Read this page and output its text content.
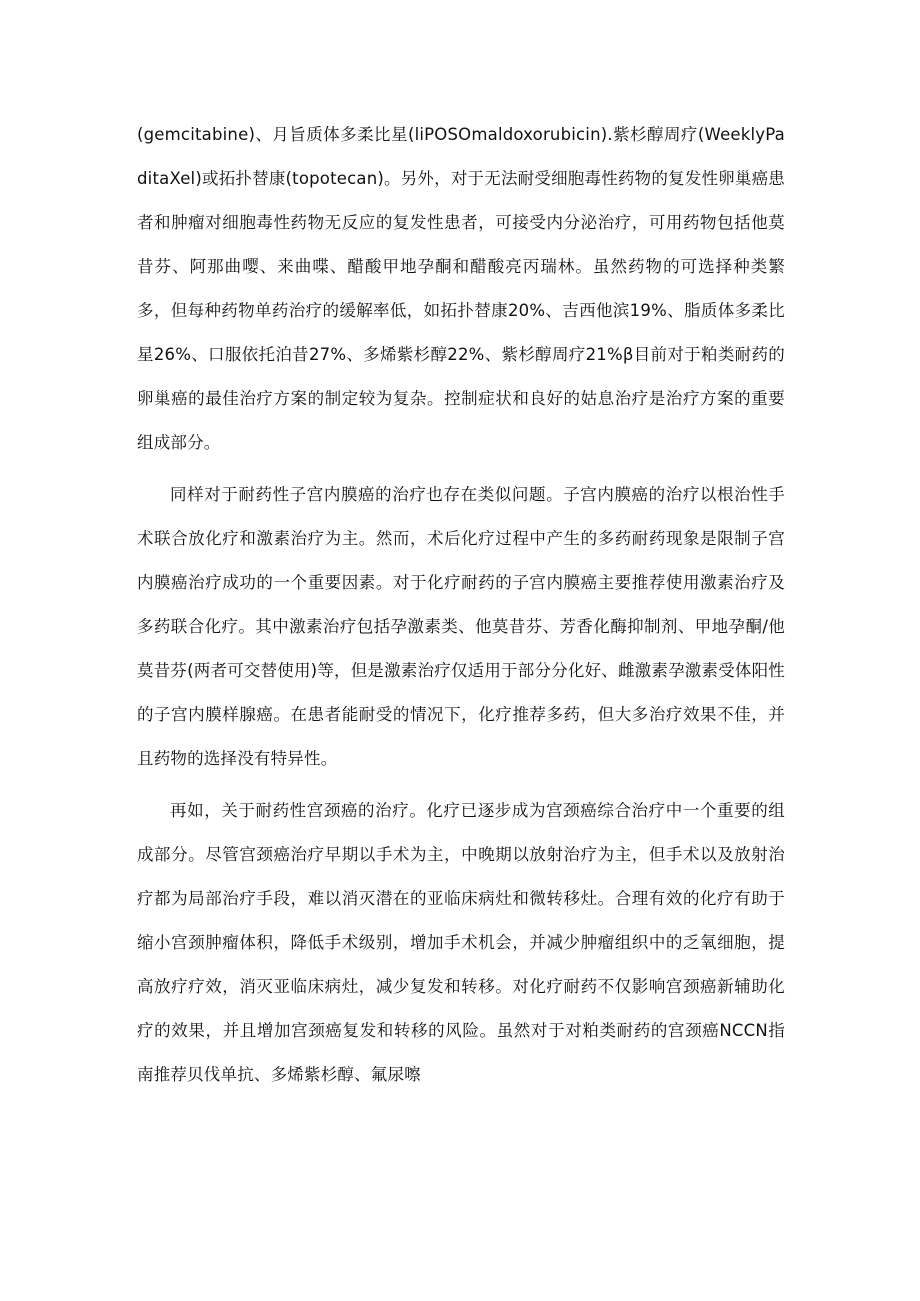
(gemcitabine)、月旨质体多柔比星(liPOSOmaldoxorubicin).紫杉醇周疗(WeeklyPaditaXel)或拓扑替康(topotecan)。另外，对于无法耐受细胞毒性药物的复发性卵巢癌患者和肿瘤对细胞毒性药物无反应的复发性患者，可接受内分泌治疗，可用药物包括他莫昔芬、阿那曲嘤、来曲喋、醋酸甲地孕酮和醋酸亮丙瑞林。虽然药物的可选择种类繁多，但每种药物单药治疗的缓解率低，如拓扑替康20%、吉西他滨19%、脂质体多柔比星26%、口服依托泊昔27%、多烯紫杉醇22%、紫杉醇周疗21%β目前对于粕类耐药的卵巢癌的最佳治疗方案的制定较为复杂。控制症状和良好的姑息治疗是治疗方案的重要组成部分。

同样对于耐药性子宫内膜癌的治疗也存在类似问题。子宫内膜癌的治疗以根治性手术联合放化疗和激素治疗为主。然而，术后化疗过程中产生的多药耐药现象是限制子宫内膜癌治疗成功的一个重要因素。对于化疗耐药的子宫内膜癌主要推荐使用激素治疗及多药联合化疗。其中激素治疗包括孕激素类、他莫昔芬、芳香化酶抑制剂、甲地孕酮/他莫昔芬(两者可交替使用)等，但是激素治疗仅适用于部分分化好、雌激素孕激素受体阳性的子宫内膜样腺癌。在患者能耐受的情况下，化疗推荐多药，但大多治疗效果不佳，并且药物的选择没有特异性。

再如，关于耐药性宫颈癌的治疗。化疗已逐步成为宫颈癌综合治疗中一个重要的组成部分。尽管宫颈癌治疗早期以手术为主，中晚期以放射治疗为主，但手术以及放射治疗都为局部治疗手段，难以消灭潜在的亚临床病灶和微转移灶。合理有效的化疗有助于缩小宫颈肿瘤体积，降低手术级别，增加手术机会，并减少肿瘤组织中的乏氧细胞，提高放疗疗效，消灭亚临床病灶，减少复发和转移。对化疗耐药不仅影响宫颈癌新辅助化疗的效果，并且增加宫颈癌复发和转移的风险。虽然对于对粕类耐药的宫颈癌NCCN指南推荐贝伐单抗、多烯紫杉醇、氟尿嚓
